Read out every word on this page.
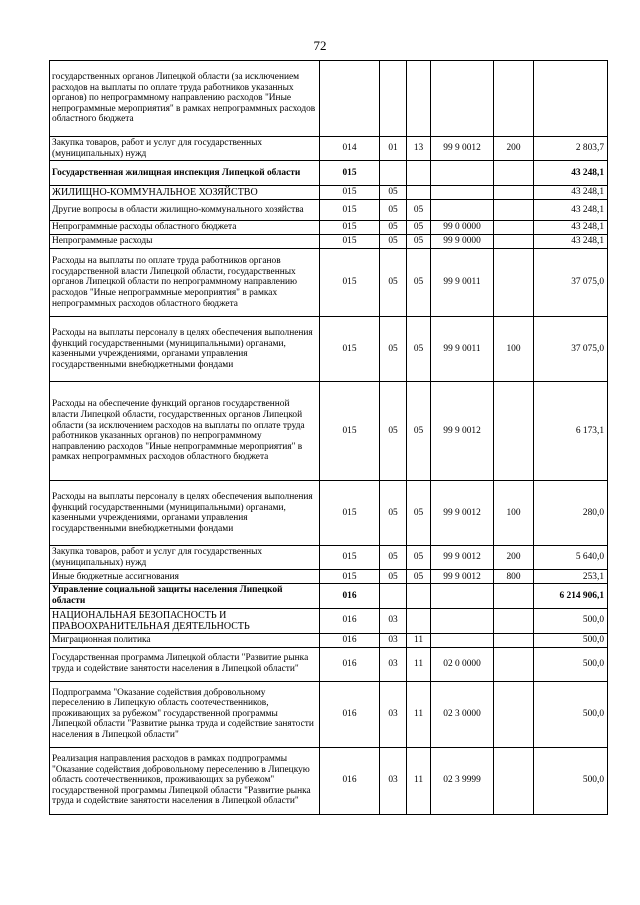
72
государственных органов Липецкой области (за исключением расходов на выплаты по оплате труда работников указанных органов) по непрограммному направлению расходов "Иные непрограммные мероприятия" в рамках непрограммных расходов областного бюджета						
Закупка товаров, работ и услуг для государственных (муниципальных) нужд	014	01	13	99 9 0012	200	2 803,7
Государственная жилищная инспекция Липецкой области	015					43 248,1
ЖИЛИЩНО-КОММУНАЛЬНОЕ ХОЗЯЙСТВО	015	05				43 248,1
Другие вопросы в области жилищно-коммунального хозяйства	015	05	05			43 248,1
Непрограммные расходы областного бюджета	015	05	05	99 0 0000		43 248,1
Непрограммные расходы	015	05	05	99 9 0000		43 248,1
Расходы на выплаты по оплате труда работников органов государственной власти Липецкой области, государственных органов Липецкой области по непрограммному направлению расходов "Иные непрограммные мероприятия" в рамках непрограммных расходов областного бюджета	015	05	05	99 9 0011		37 075,0
Расходы на выплаты персоналу в целях обеспечения выполнения функций государственными (муниципальными) органами, казенными учреждениями, органами управления государственными внебюджетными фондами	015	05	05	99 9 0011	100	37 075,0
Расходы на обеспечение функций органов государственной власти Липецкой области, государственных органов Липецкой области (за исключением расходов на выплаты по оплате труда работников указанных органов) по непрограммному направлению расходов "Иные непрограммные мероприятия" в рамках непрограммных расходов областного бюджета	015	05	05	99 9 0012		6 173,1
Расходы на выплаты персоналу в целях обеспечения выполнения функций государственными (муниципальными) органами, казенными учреждениями, органами управления государственными внебюджетными фондами	015	05	05	99 9 0012	100	280,0
Закупка товаров, работ и услуг для государственных (муниципальных) нужд	015	05	05	99 9 0012	200	5 640,0
Иные бюджетные ассигнования	015	05	05	99 9 0012	800	253,1
Управление социальной защиты населения Липецкой области	016					6 214 906,1
НАЦИОНАЛЬНАЯ БЕЗОПАСНОСТЬ И ПРАВООХРАНИТЕЛЬНАЯ ДЕЯТЕЛЬНОСТЬ	016	03				500,0
Миграционная политика	016	03	11			500,0
Государственная программа Липецкой области "Развитие рынка труда и содействие занятости населения в Липецкой области"	016	03	11	02 0 0000		500,0
Подпрограмма "Оказание содействия добровольному переселению в Липецкую область соотечественников, проживающих за рубежом" государственной программы Липецкой области "Развитие рынка труда и содействие занятости населения в Липецкой области"	016	03	11	02 3 0000		500,0
Реализация направления расходов в рамках подпрограммы "Оказание содействия добровольному переселению в Липецкую область соотечественников, проживающих за рубежом" государственной программы Липецкой области "Развитие рынка труда и содействие занятости населения в Липецкой области"	016	03	11	02 3 9999		500,0
